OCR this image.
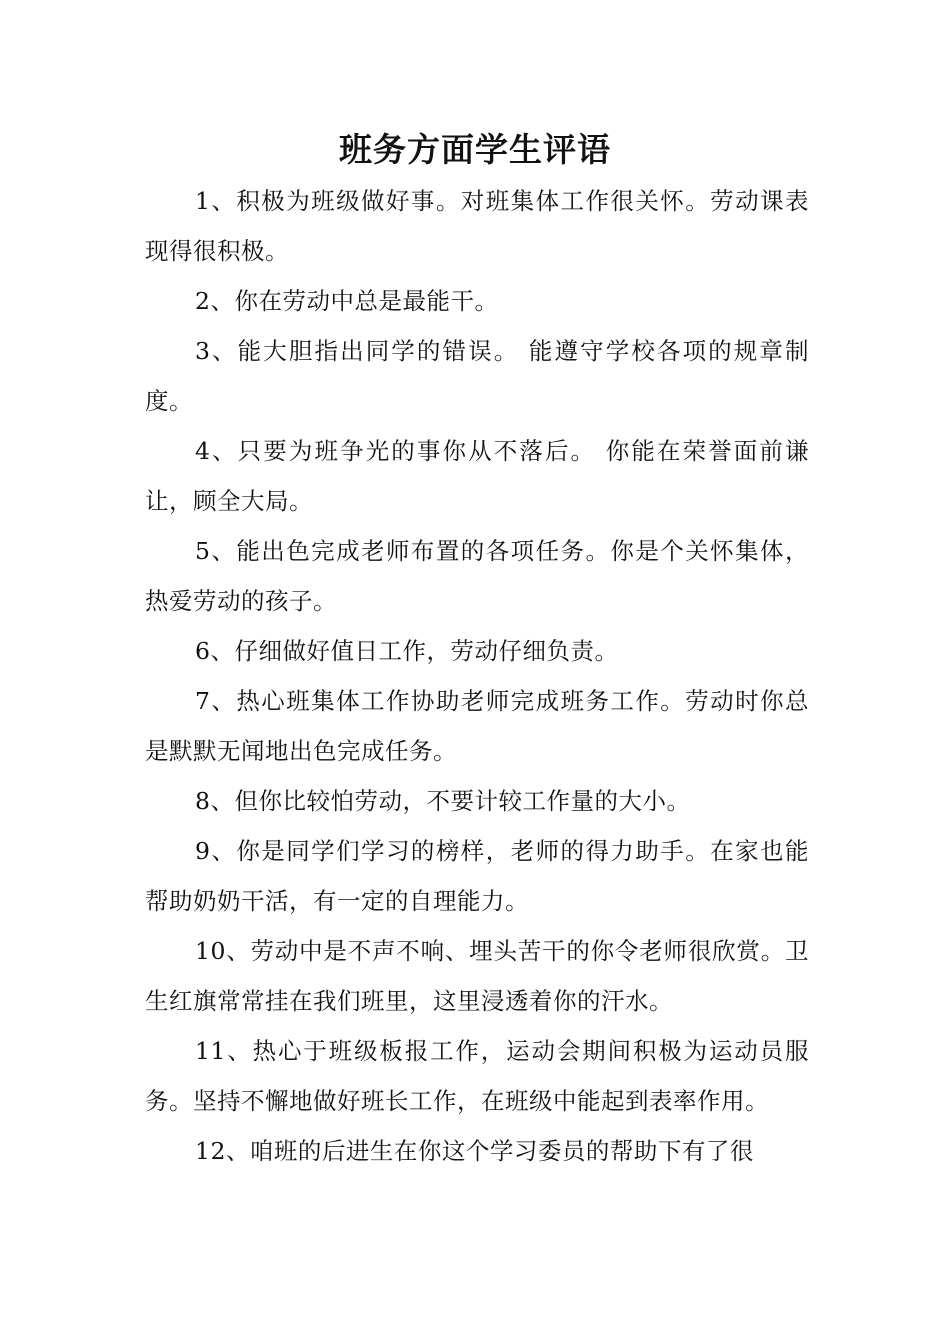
班务方面学生评语

1、积极为班级做好事。对班集体工作很关怀。劳动课表现得很积极。

2、你在劳动中总是最能干。

3、能大胆指出同学的错误。 能遵守学校各项的规章制度。

4、只要为班争光的事你从不落后。 你能在荣誉面前谦让，顾全大局。

5、能出色完成老师布置的各项任务。你是个关怀集体，热爱劳动的孩子。

6、仔细做好值日工作，劳动仔细负责。

7、热心班集体工作协助老师完成班务工作。劳动时你总是默默无闻地出色完成任务。

8、但你比较怕劳动，不要计较工作量的大小。

9、你是同学们学习的榜样，老师的得力助手。在家也能帮助奶奶干活，有一定的自理能力。

10、劳动中是不声不响、埋头苦干的你令老师很欣赏。卫生红旗常常挂在我们班里，这里浸透着你的汗水。

11、热心于班级板报工作，运动会期间积极为运动员服务。坚持不懈地做好班长工作，在班级中能起到表率作用。

12、咱班的后进生在你这个学习委员的帮助下有了很
